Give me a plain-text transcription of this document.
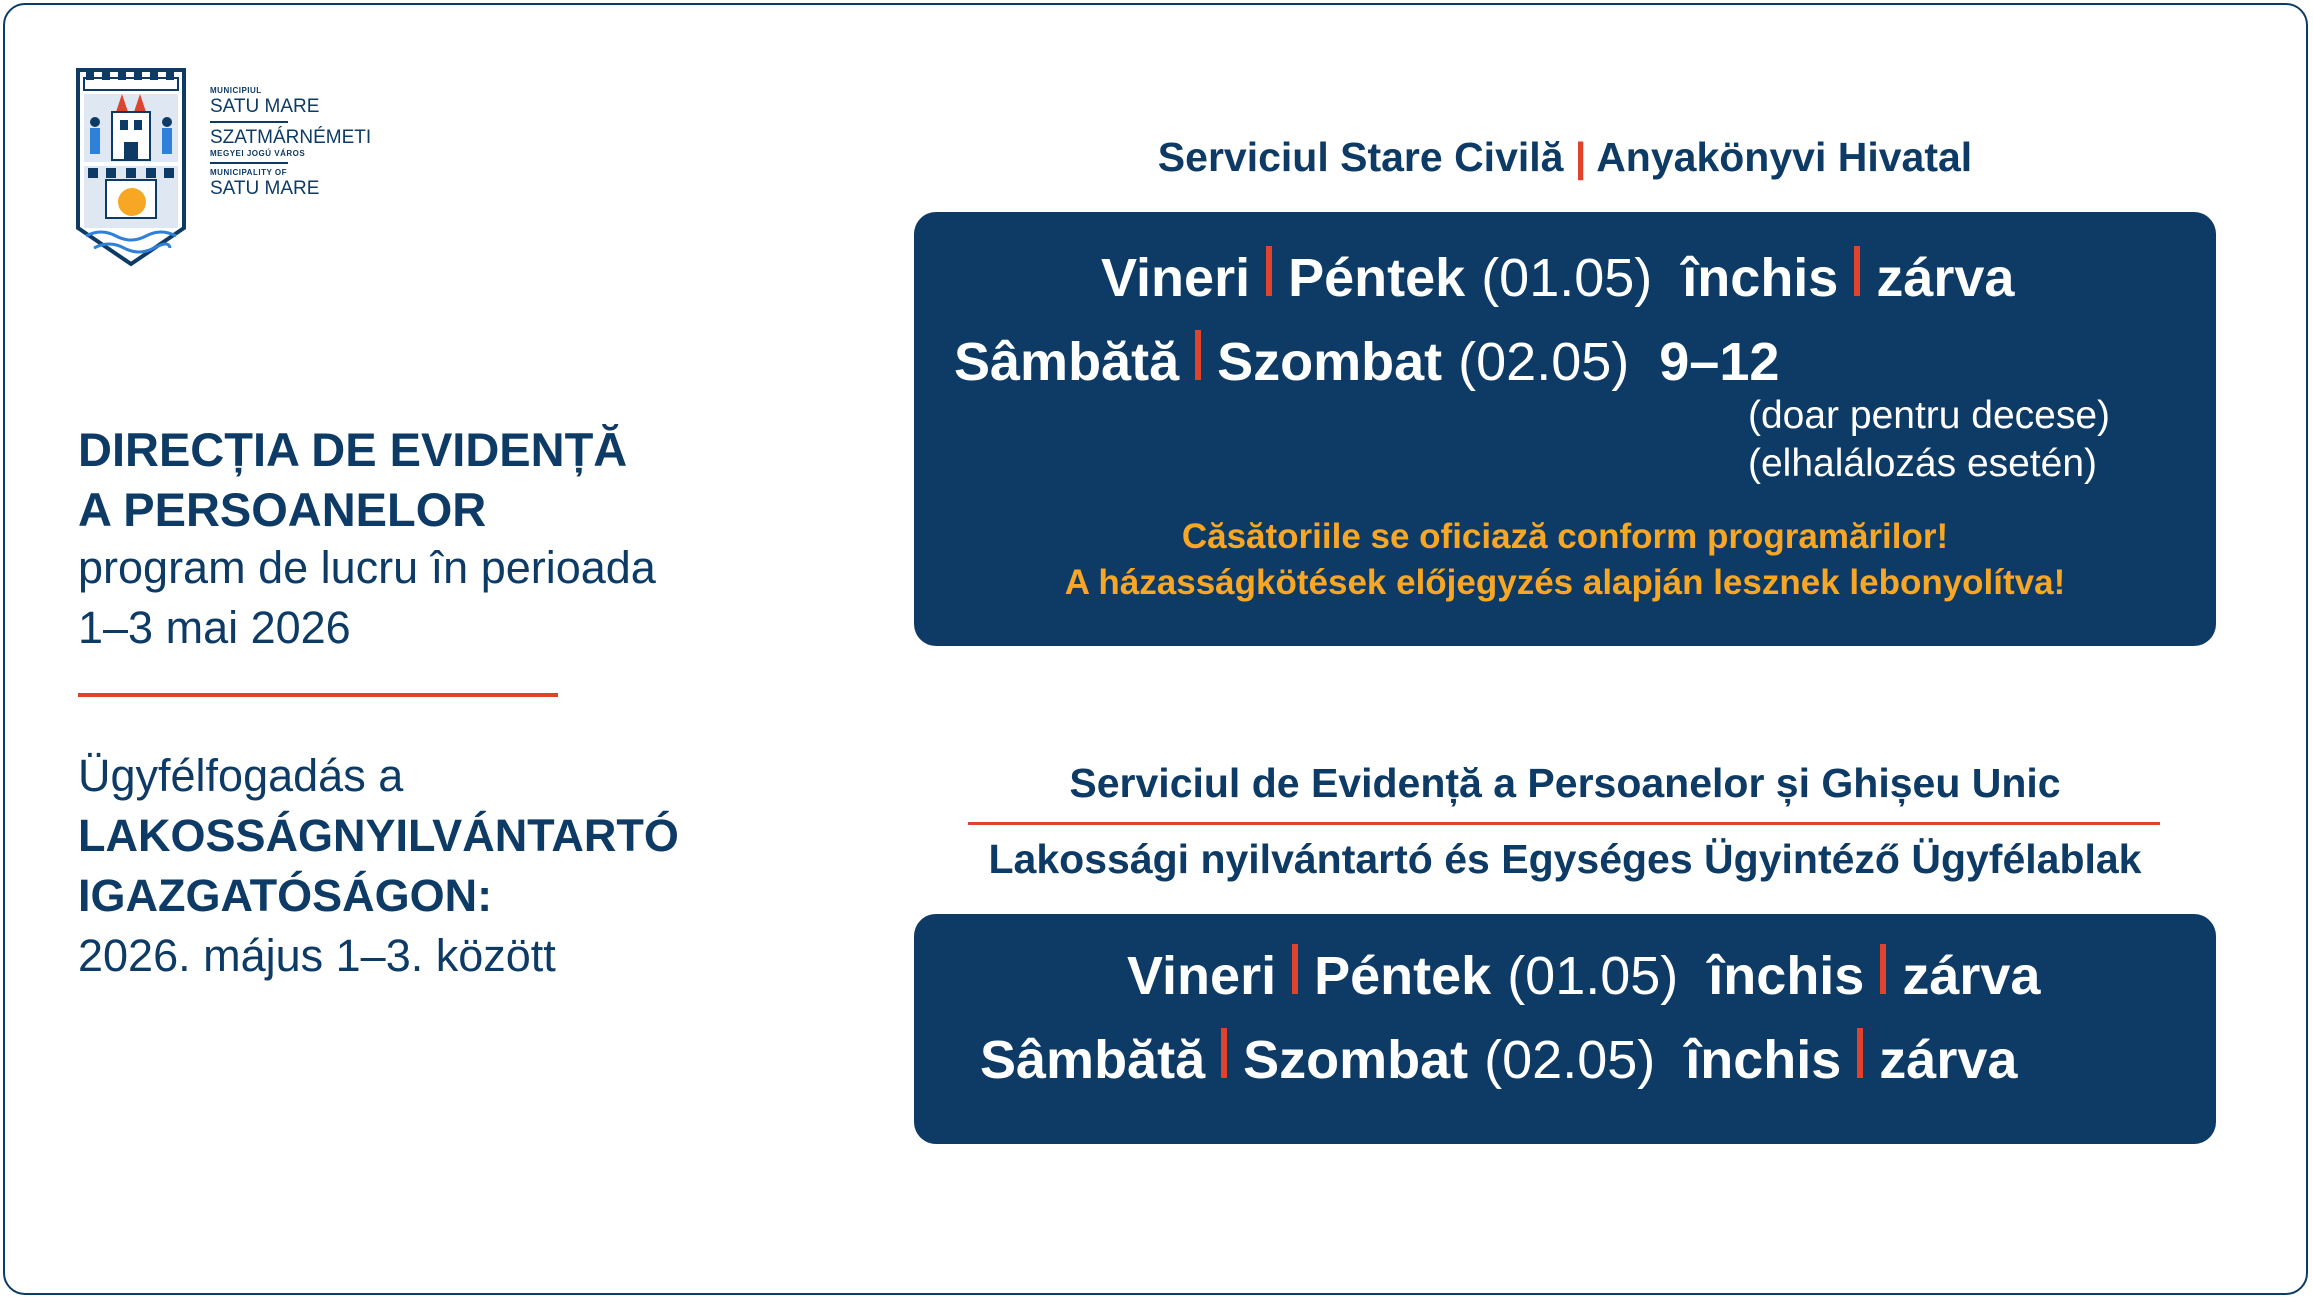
MUNICIPIUL
SATU MARE
SZATMÁRNÉMETI
MEGYEI JOGÚ VÁROS
MUNICIPALITY OF
SATU MARE
DIRECȚIA DE EVIDENȚĂ
A PERSOANELOR
program de lucru în perioada
1–3 mai 2026
Ügyfélfogadás a
LAKOSSÁGNYILVÁNTARTÓ
IGAZGATÓSÁGON:
2026. május 1–3. között
Serviciul Stare Civilă | Anyakönyvi Hivatal
Vineri Péntek (01.05) închis zárva
Sâmbătă Szombat (02.05) 9–12
(doar pentru decese)
(elhalálozás esetén)
Căsătoriile se oficiază conform programărilor!
A házasságkötések előjegyzés alapján lesznek lebonyolítva!
Serviciul de Evidență a Persoanelor și Ghișeu Unic
Lakossági nyilvántartó és Egységes Ügyintéző Ügyfélablak
Vineri Péntek (01.05) închis zárva
Sâmbătă Szombat (02.05) închis zárva
